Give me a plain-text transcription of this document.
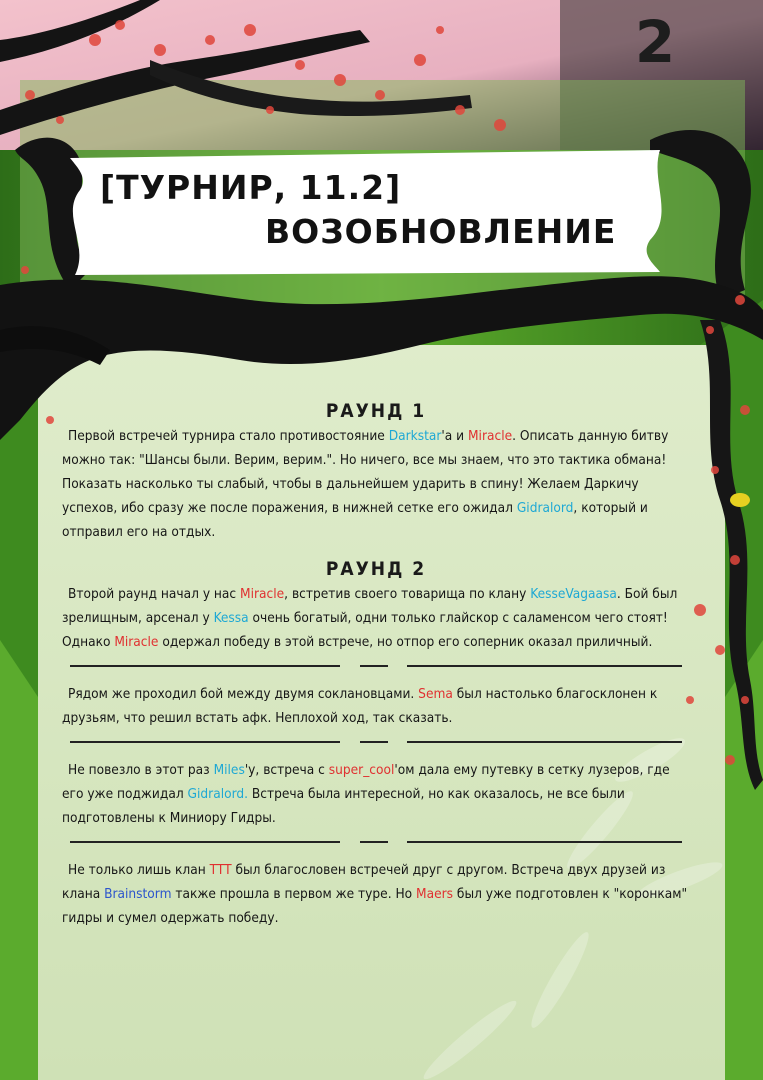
2
[ТУРНИР, 11.2]
ВОЗОБНОВЛЕНИЕ
РАУНД 1

Первой встречей турнира стало противостояние Darkstar'а и Miracle. Описать данную битву можно так: "Шансы были. Верим, верим.". Но ничего, все мы знаем, что это тактика обмана! Показать насколько ты слабый, чтобы в дальнейшем ударить в спину! Желаем Даркичу успехов, ибо сразу же после поражения, в нижней сетке его ожидал Gidralord, который и отправил его на отдых.

РАУНД 2

Второй раунд начал у нас Miracle, встретив своего товарища по клану KesseVagaasa. Бой был зрелищным, арсенал у Kessa очень богатый, одни только глайскор с саламенсом чего стоят! Однако Miracle одержал победу в этой встрече, но отпор его соперник оказал приличный.

Рядом же проходил бой между двумя соклановцами. Sema был настолько благосклонен к друзьям, что решил встать афк. Неплохой ход, так сказать.

Не повезло в этот раз Miles'у, встреча с super_cool'ом дала ему путевку в сетку лузеров, где его уже поджидал Gidralord. Встреча была интересной, но как оказалось, не все были подготовлены к Миниору Гидры.

Не только лишь клан TTT был благословен встречей друг с другом. Встреча двух друзей из клана Brainstorm также прошла в первом же туре. Но Maers был уже подготовлен к "коронкам" гидры и сумел одержать победу.
